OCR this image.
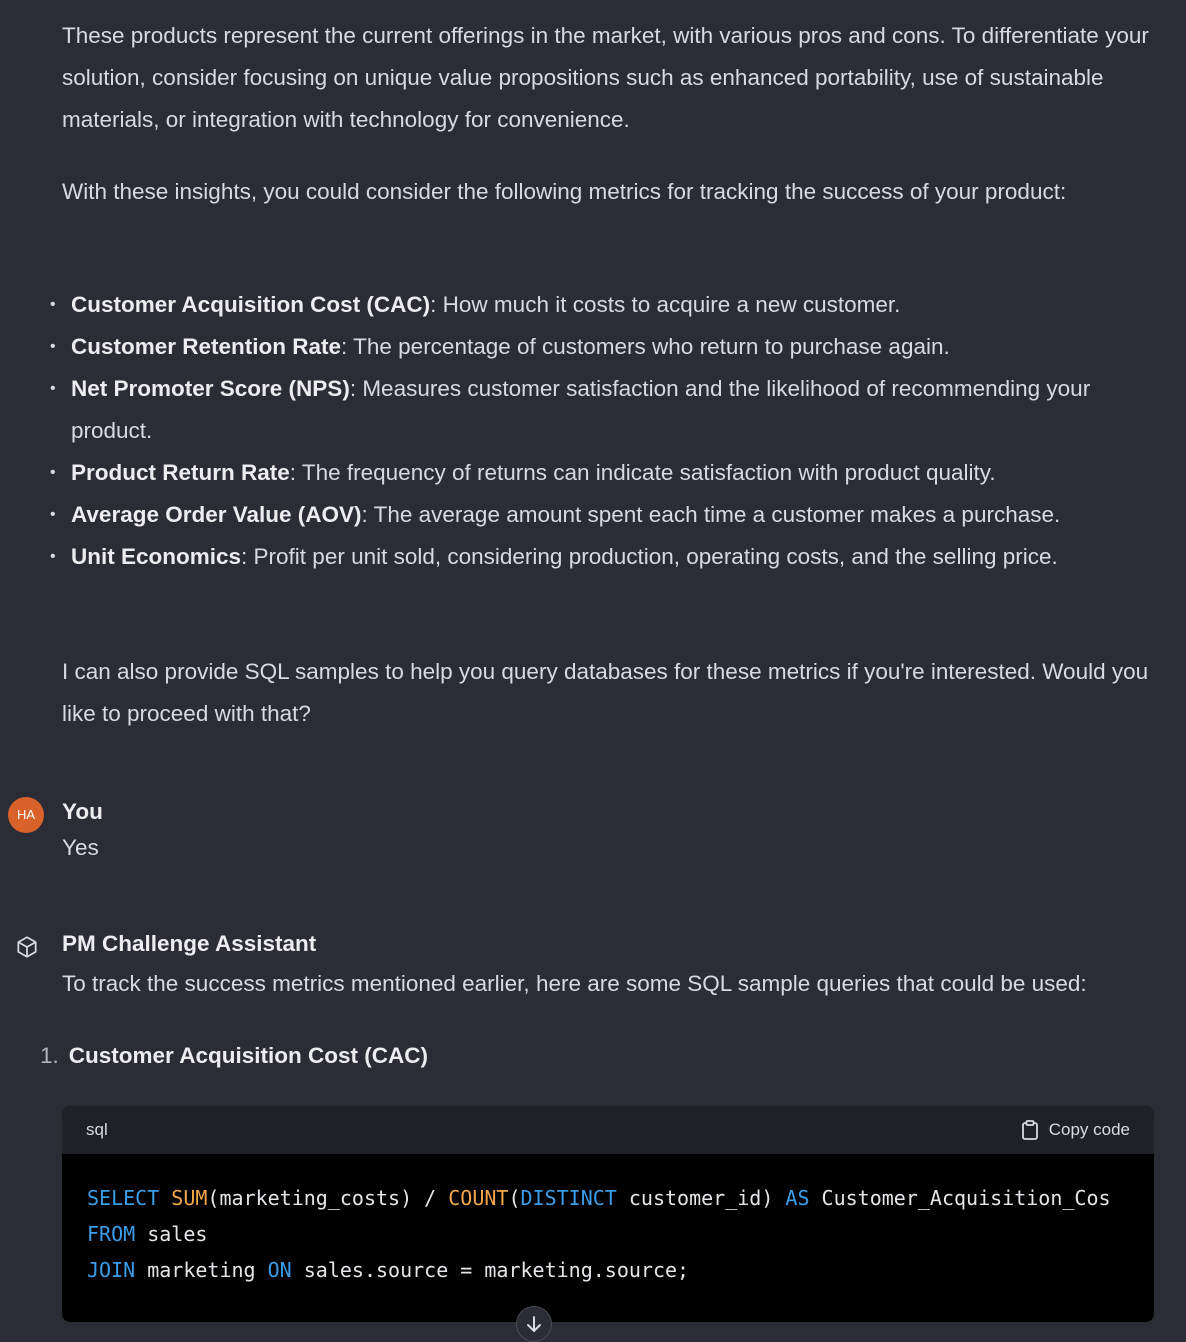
These products represent the current offerings in the market, with various pros and cons. To differentiate your solution, consider focusing on unique value propositions such as enhanced portability, use of sustainable materials, or integration with technology for convenience.

With these insights, you could consider the following metrics for tracking the success of your product:

• Customer Acquisition Cost (CAC): How much it costs to acquire a new customer.
• Customer Retention Rate: The percentage of customers who return to purchase again.
• Net Promoter Score (NPS): Measures customer satisfaction and the likelihood of recommending your product.
• Product Return Rate: The frequency of returns can indicate satisfaction with product quality.
• Average Order Value (AOV): The average amount spent each time a customer makes a purchase.
• Unit Economics: Profit per unit sold, considering production, operating costs, and the selling price.

I can also provide SQL samples to help you query databases for these metrics if you're interested. Would you like to proceed with that?

HA	You
Yes
PM Challenge Assistant
To track the success metrics mentioned earlier, here are some SQL sample queries that could be used:
1. Customer Acquisition Cost (CAC)
sql	Copy code
SELECT SUM(marketing_costs) / COUNT(DISTINCT customer_id) AS Customer_Acquisition_Cos
FROM sales
JOIN marketing ON sales.source = marketing.source;
